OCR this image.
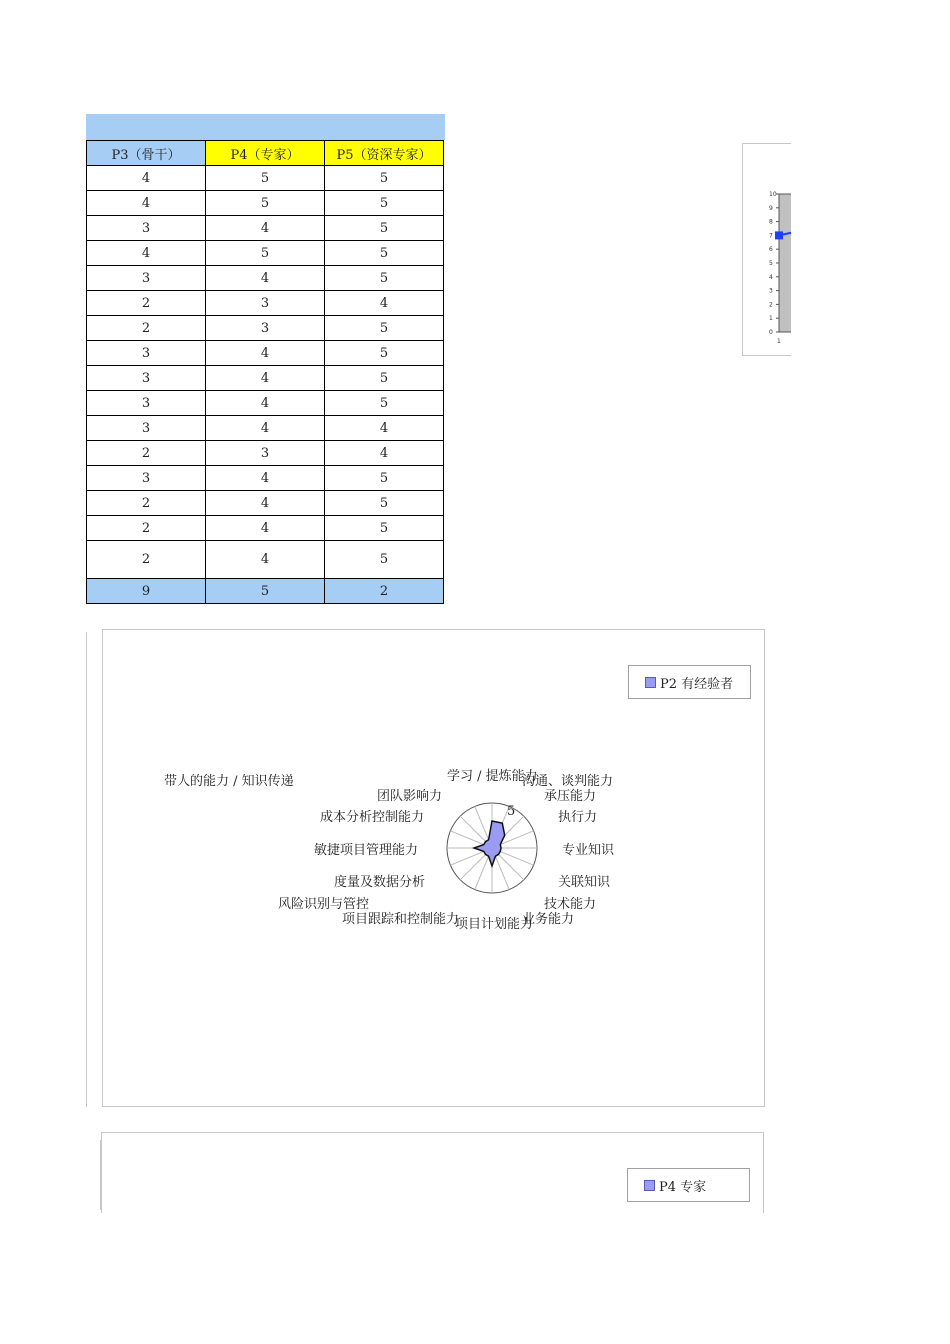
P3（骨干）	P4（专家）	P5（资深专家）
4	5	5
4	5	5
3	4	5
4	5	5
3	4	5
2	3	4
2	3	5
3	4	5
3	4	5
3	4	5
3	4	4
2	3	4
3	4	5
2	4	5
2	4	5
2	4	5
9	5	2
10
9
8
7
6
5
4
3
2
1
0
1
P2 有经验者
5
学习 / 提炼能力
沟通、谈判能力
承压能力
执行力
专业知识
关联知识
技术能力
业务能力
项目计划能力
项目跟踪和控制能力
风险识别与管控
度量及数据分析
敏捷项目管理能力
成本分析控制能力
团队影响力
带人的能力 / 知识传递
P4 专家
